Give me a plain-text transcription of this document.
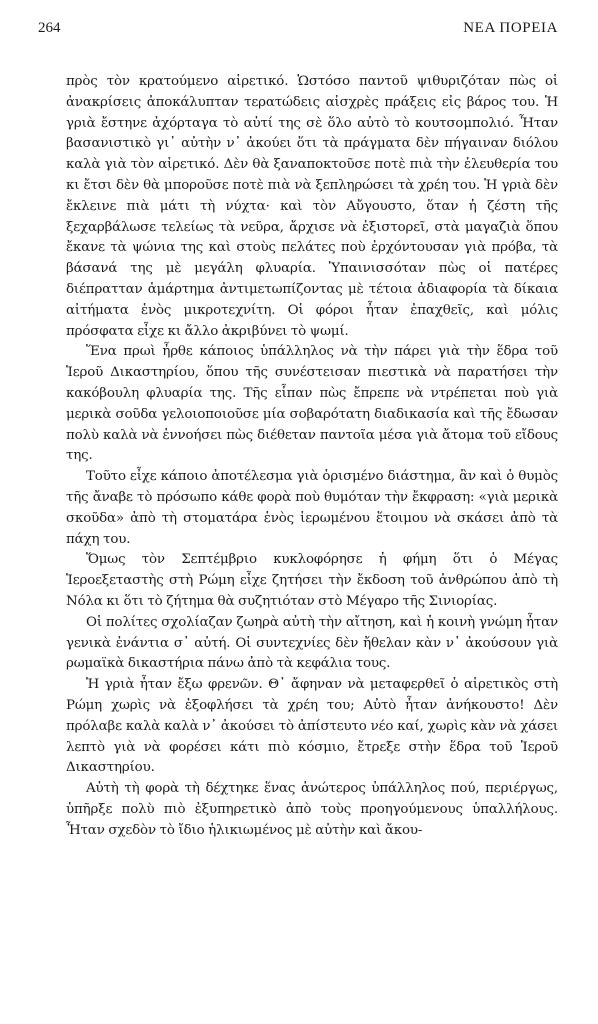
264	ΝΕΑ ΠΟΡΕΙΑ

πρὸς τὸν κρατούμενο αἱρετικό. Ὡστόσο παντοῦ ψιθυριζόταν πὼς οἱ ἀνακρίσεις ἀποκάλυπταν τερατώδεις αἰσχρὲς πράξεις εἰς βάρος του. Ἡ γριὰ ἔστηνε ἀχόρταγα τὸ αὐτί της σὲ ὅλο αὐτὸ τὸ κουτσομπολιό. Ἦταν βασανιστικὸ γι᾿ αὐτὴν ν᾿ ἀκούει ὅτι τὰ πράγματα δὲν πήγαιναν διόλου καλὰ γιὰ τὸν αἱρετικό. Δὲν θὰ ξαναποκτοῦσε ποτὲ πιὰ τὴν ἐλευθερία του κι ἔτσι δὲν θὰ μποροῦσε ποτὲ πιὰ νὰ ξεπληρώσει τὰ χρέη του. Ἡ γριὰ δὲν ἔκλεινε πιὰ μάτι τὴ νύχτα· καὶ τὸν Αὔγουστο, ὅταν ἡ ζέστη τῆς ξεχαρβάλωσε τελείως τὰ νεῦρα, ἄρχισε νὰ ἐξιστορεῖ, στὰ μαγαζιὰ ὅπου ἔκανε τὰ ψώνια της καὶ στοὺς πελάτες ποὺ ἐρχόντουσαν γιὰ πρόβα, τὰ βάσανά της μὲ μεγάλη φλυαρία. Ὑπαινισσόταν πὼς οἱ πατέρες διέπρατταν ἁμάρτημα ἀντιμετωπίζοντας μὲ τέτοια ἀδιαφορία τὰ δίκαια αἰτήματα ἑνὸς μικροτεχνίτη. Οἱ φόροι ἦταν ἐπαχθεῖς, καὶ μόλις πρόσφατα εἶχε κι ἄλλο ἀκριβύνει τὸ ψωμί.

Ἕνα πρωὶ ἦρθε κάποιος ὑπάλληλος νὰ τὴν πάρει γιὰ τὴν ἕδρα τοῦ Ἱεροῦ Δικαστηρίου, ὅπου τῆς συνέστεισαν πιεστικὰ νὰ παρατήσει τὴν κακόβουλη φλυαρία της. Τῆς εἶπαν πὼς ἔπρεπε νὰ ντρέπεται ποὺ γιὰ μερικὰ σοῦδα γελοιοποιοῦσε μία σοβαρότατη διαδικασία καὶ τῆς ἔδωσαν πολὺ καλὰ νὰ ἐννοήσει πὼς διέθεταν παντοῖα μέσα γιὰ ἄτομα τοῦ εἴδους της.

Τοῦτο εἶχε κάποιο ἀποτέλεσμα γιὰ ὁρισμένο διάστημα, ἂν καὶ ὁ θυμὸς τῆς ἄναβε τὸ πρόσωπο κάθε φορὰ ποὺ θυμόταν τὴν ἔκφραση: «γιὰ μερικὰ σκοῦδα» ἀπὸ τὴ στοματάρα ἑνὸς ἱερωμένου ἕτοιμου νὰ σκάσει ἀπὸ τὰ πάχη του.

Ὅμως τὸν Σεπτέμβριο κυκλοφόρησε ἡ φήμη ὅτι ὁ Μέγας Ἱεροεξεταστὴς στὴ Ρώμη εἶχε ζητήσει τὴν ἔκδοση τοῦ ἀνθρώπου ἀπὸ τὴ Νόλα κι ὅτι τὸ ζήτημα θὰ συζητιόταν στὸ Μέγαρο τῆς Σινιορίας.

Οἱ πολίτες σχολίαζαν ζωηρὰ αὐτὴ τὴν αἴτηση, καὶ ἡ κοινὴ γνώμη ἦταν γενικὰ ἐνάντια σ᾿ αὐτή. Οἱ συντεχνίες δὲν ἤθελαν κὰν ν᾿ ἀκούσουν γιὰ ρωμαϊκὰ δικαστήρια πάνω ἀπὸ τὰ κεφάλια τους.

Ἡ γριὰ ἦταν ἔξω φρενῶν. Θ᾿ ἄφηναν νὰ μεταφερθεῖ ὁ αἱρετικὸς στὴ Ρώμη χωρὶς νὰ ἐξοφλήσει τὰ χρέη του; Αὐτὸ ἦταν ἀνήκουστο! Δὲν πρόλαβε καλὰ καλὰ ν᾿ ἀκούσει τὸ ἀπίστευτο νέο καί, χωρὶς κὰν νὰ χάσει λεπτὸ γιὰ νὰ φορέσει κάτι πιὸ κόσμιο, ἔτρεξε στὴν ἕδρα τοῦ Ἱεροῦ Δικαστηρίου.

Αὐτὴ τὴ φορὰ τὴ δέχτηκε ἕνας ἀνώτερος ὑπάλληλος πού, περιέργως, ὑπῆρξε πολὺ πιὸ ἐξυπηρετικὸ ἀπὸ τοὺς προηγούμενους ὑπαλλήλους. Ἦταν σχεδὸν τὸ ἴδιο ἡλικιωμένος μὲ αὐτὴν καὶ ἄκου-
